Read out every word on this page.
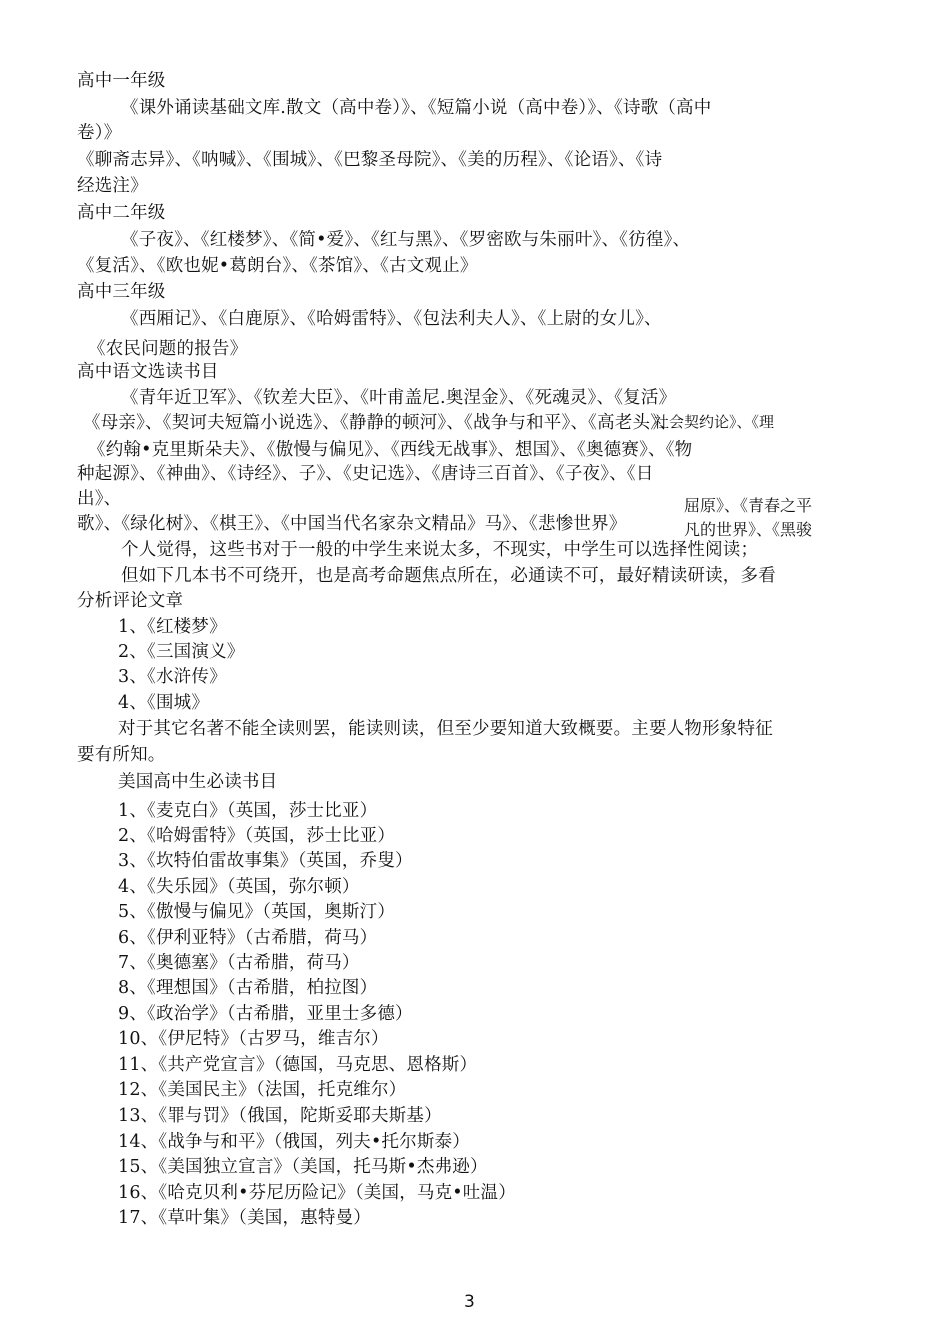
高中一年级
《课外诵读基础文库.散文（高中卷）》、《短篇小说（高中卷）》、《诗歌（高中
卷）》
《聊斋志异》、《呐喊》、《围城》、《巴黎圣母院》、《美的历程》、《论语》、《诗
经选注》
高中二年级
《子夜》、《红楼梦》、《简•爱》、《红与黑》、《罗密欧与朱丽叶》、《彷徨》、
《复活》、《欧也妮•葛朗台》、《茶馆》、《古文观止》
高中三年级
《西厢记》、《白鹿原》、《哈姆雷特》、《包法利夫人》、《上尉的女儿》、
《农民问题的报告》
高中语文选读书目
《青年近卫军》、《钦差大臣》、《叶甫盖尼.奥涅金》、《死魂灵》、《复活》
《母亲》、《契诃夫短篇小说选》、《静静的顿河》、《战争与和平》、《高老头》、
《约翰•克里斯朵夫》、《傲慢与偏见》、《西线无战事》、想国》、《奥德赛》、《物
种起源》、《神曲》、《诗经》、子》、《史记选》、《唐诗三百首》、《子夜》、《日
出》、
歌》、《绿化树》、《棋王》、《中国当代名家杂文精品》马》、《悲惨世界》
社会契约论》、《理
屈原》、《青春之平
凡的世界》、《黑骏
个人觉得，这些书对于一般的中学生来说太多，不现实，中学生可以选择性阅读；
但如下几本书不可绕开，也是高考命题焦点所在，必通读不可，最好精读研读，多看
分析评论文章
1、《红楼梦》
2、《三国演义》
3、《水浒传》
4、《围城》
对于其它名著不能全读则罢，能读则读，但至少要知道大致概要。主要人物形象特征
要有所知。
美国高中生必读书目
1、《麦克白》（英国，莎士比亚）
2、《哈姆雷特》（英国，莎士比亚）
3、《坎特伯雷故事集》（英国，乔叟）
4、《失乐园》（英国，弥尔顿）
5、《傲慢与偏见》（英国，奥斯汀）
6、《伊利亚特》（古希腊，荷马）
7、《奥德塞》（古希腊，荷马）
8、《理想国》（古希腊，柏拉图）
9、《政治学》（古希腊，亚里士多德）
10、《伊尼特》（古罗马，维吉尔）
11、《共产党宣言》（德国，马克思、恩格斯）
12、《美国民主》（法国，托克维尔）
13、《罪与罚》（俄国，陀斯妥耶夫斯基）
14、《战争与和平》（俄国，列夫•托尔斯泰）
15、《美国独立宣言》（美国，托马斯•杰弗逊）
16、《哈克贝利•芬尼历险记》（美国，马克•吐温）
17、《草叶集》（美国，惠特曼）
3
